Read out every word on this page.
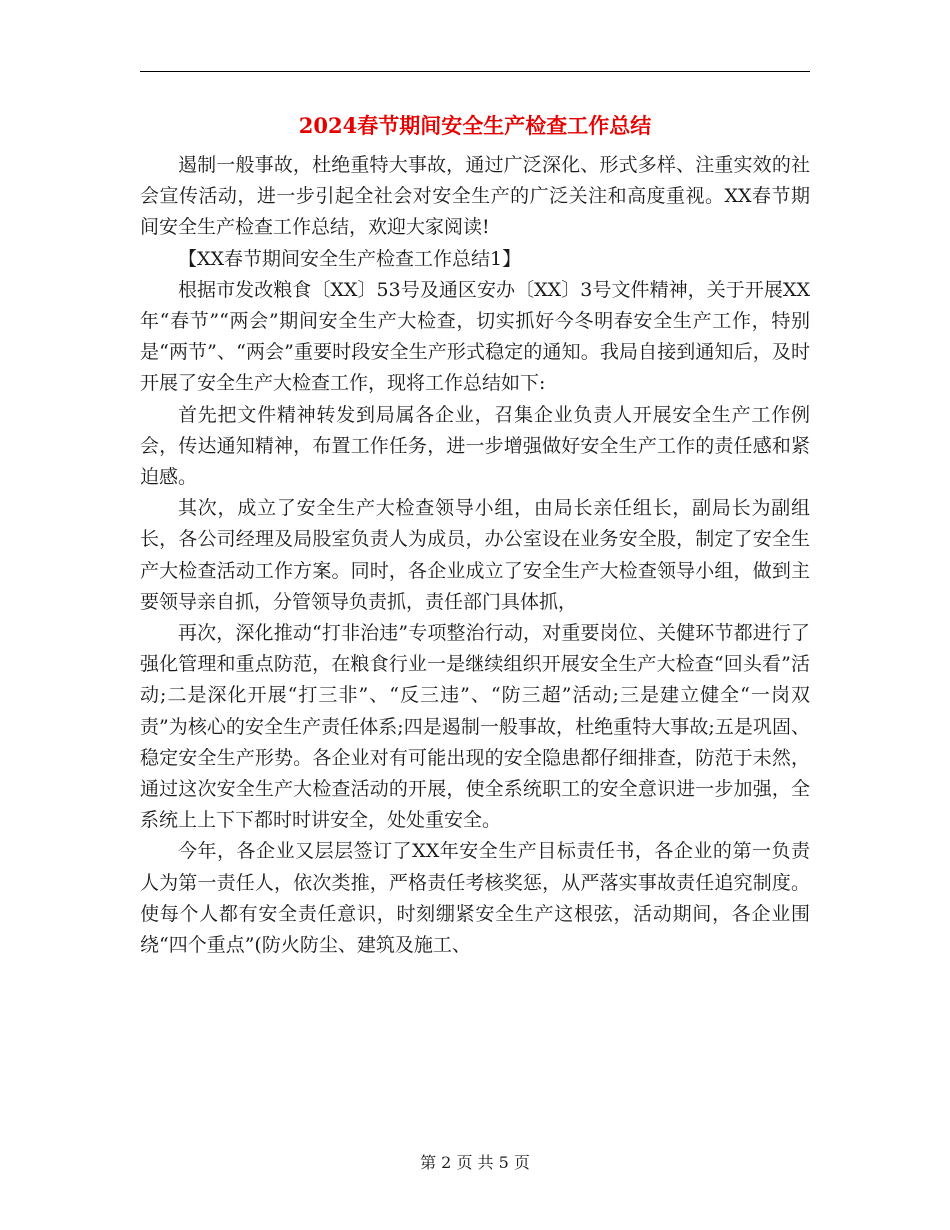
2024春节期间安全生产检查工作总结

遏制一般事故，杜绝重特大事故，通过广泛深化、形式多样、注重实效的社会宣传活动，进一步引起全社会对安全生产的广泛关注和高度重视。XX春节期间安全生产检查工作总结，欢迎大家阅读!

【XX春节期间安全生产检查工作总结1】

根据市发改粮食〔XX〕53号及通区安办〔XX〕3号文件精神，关于开展XX年“春节”“两会”期间安全生产大检查，切实抓好今冬明春安全生产工作，特别是“两节”、“两会”重要时段安全生产形式稳定的通知。我局自接到通知后，及时开展了安全生产大检查工作，现将工作总结如下:

首先把文件精神转发到局属各企业，召集企业负责人开展安全生产工作例会，传达通知精神，布置工作任务，进一步增强做好安全生产工作的责任感和紧迫感。

其次，成立了安全生产大检查领导小组，由局长亲任组长，副局长为副组长，各公司经理及局股室负责人为成员，办公室设在业务安全股，制定了安全生产大检查活动工作方案。同时，各企业成立了安全生产大检查领导小组，做到主要领导亲自抓，分管领导负责抓，责任部门具体抓，

再次，深化推动“打非治违”专项整治行动，对重要岗位、关健环节都进行了强化管理和重点防范，在粮食行业一是继续组织开展安全生产大检查“回头看”活动;二是深化开展“打三非”、“反三违”、“防三超”活动;三是建立健全“一岗双责”为核心的安全生产责任体系;四是遏制一般事故，杜绝重特大事故;五是巩固、稳定安全生产形势。各企业对有可能出现的安全隐患都仔细排查，防范于未然，通过这次安全生产大检查活动的开展，使全系统职工的安全意识进一步加强，全系统上上下下都时时讲安全，处处重安全。

今年，各企业又层层签订了XX年安全生产目标责任书，各企业的第一负责人为第一责任人，依次类推，严格责任考核奖惩，从严落实事故责任追究制度。使每个人都有安全责任意识，时刻绷紧安全生产这根弦，活动期间，各企业围绕“四个重点”(防火防尘、建筑及施工、

第 2 页 共 5 页
